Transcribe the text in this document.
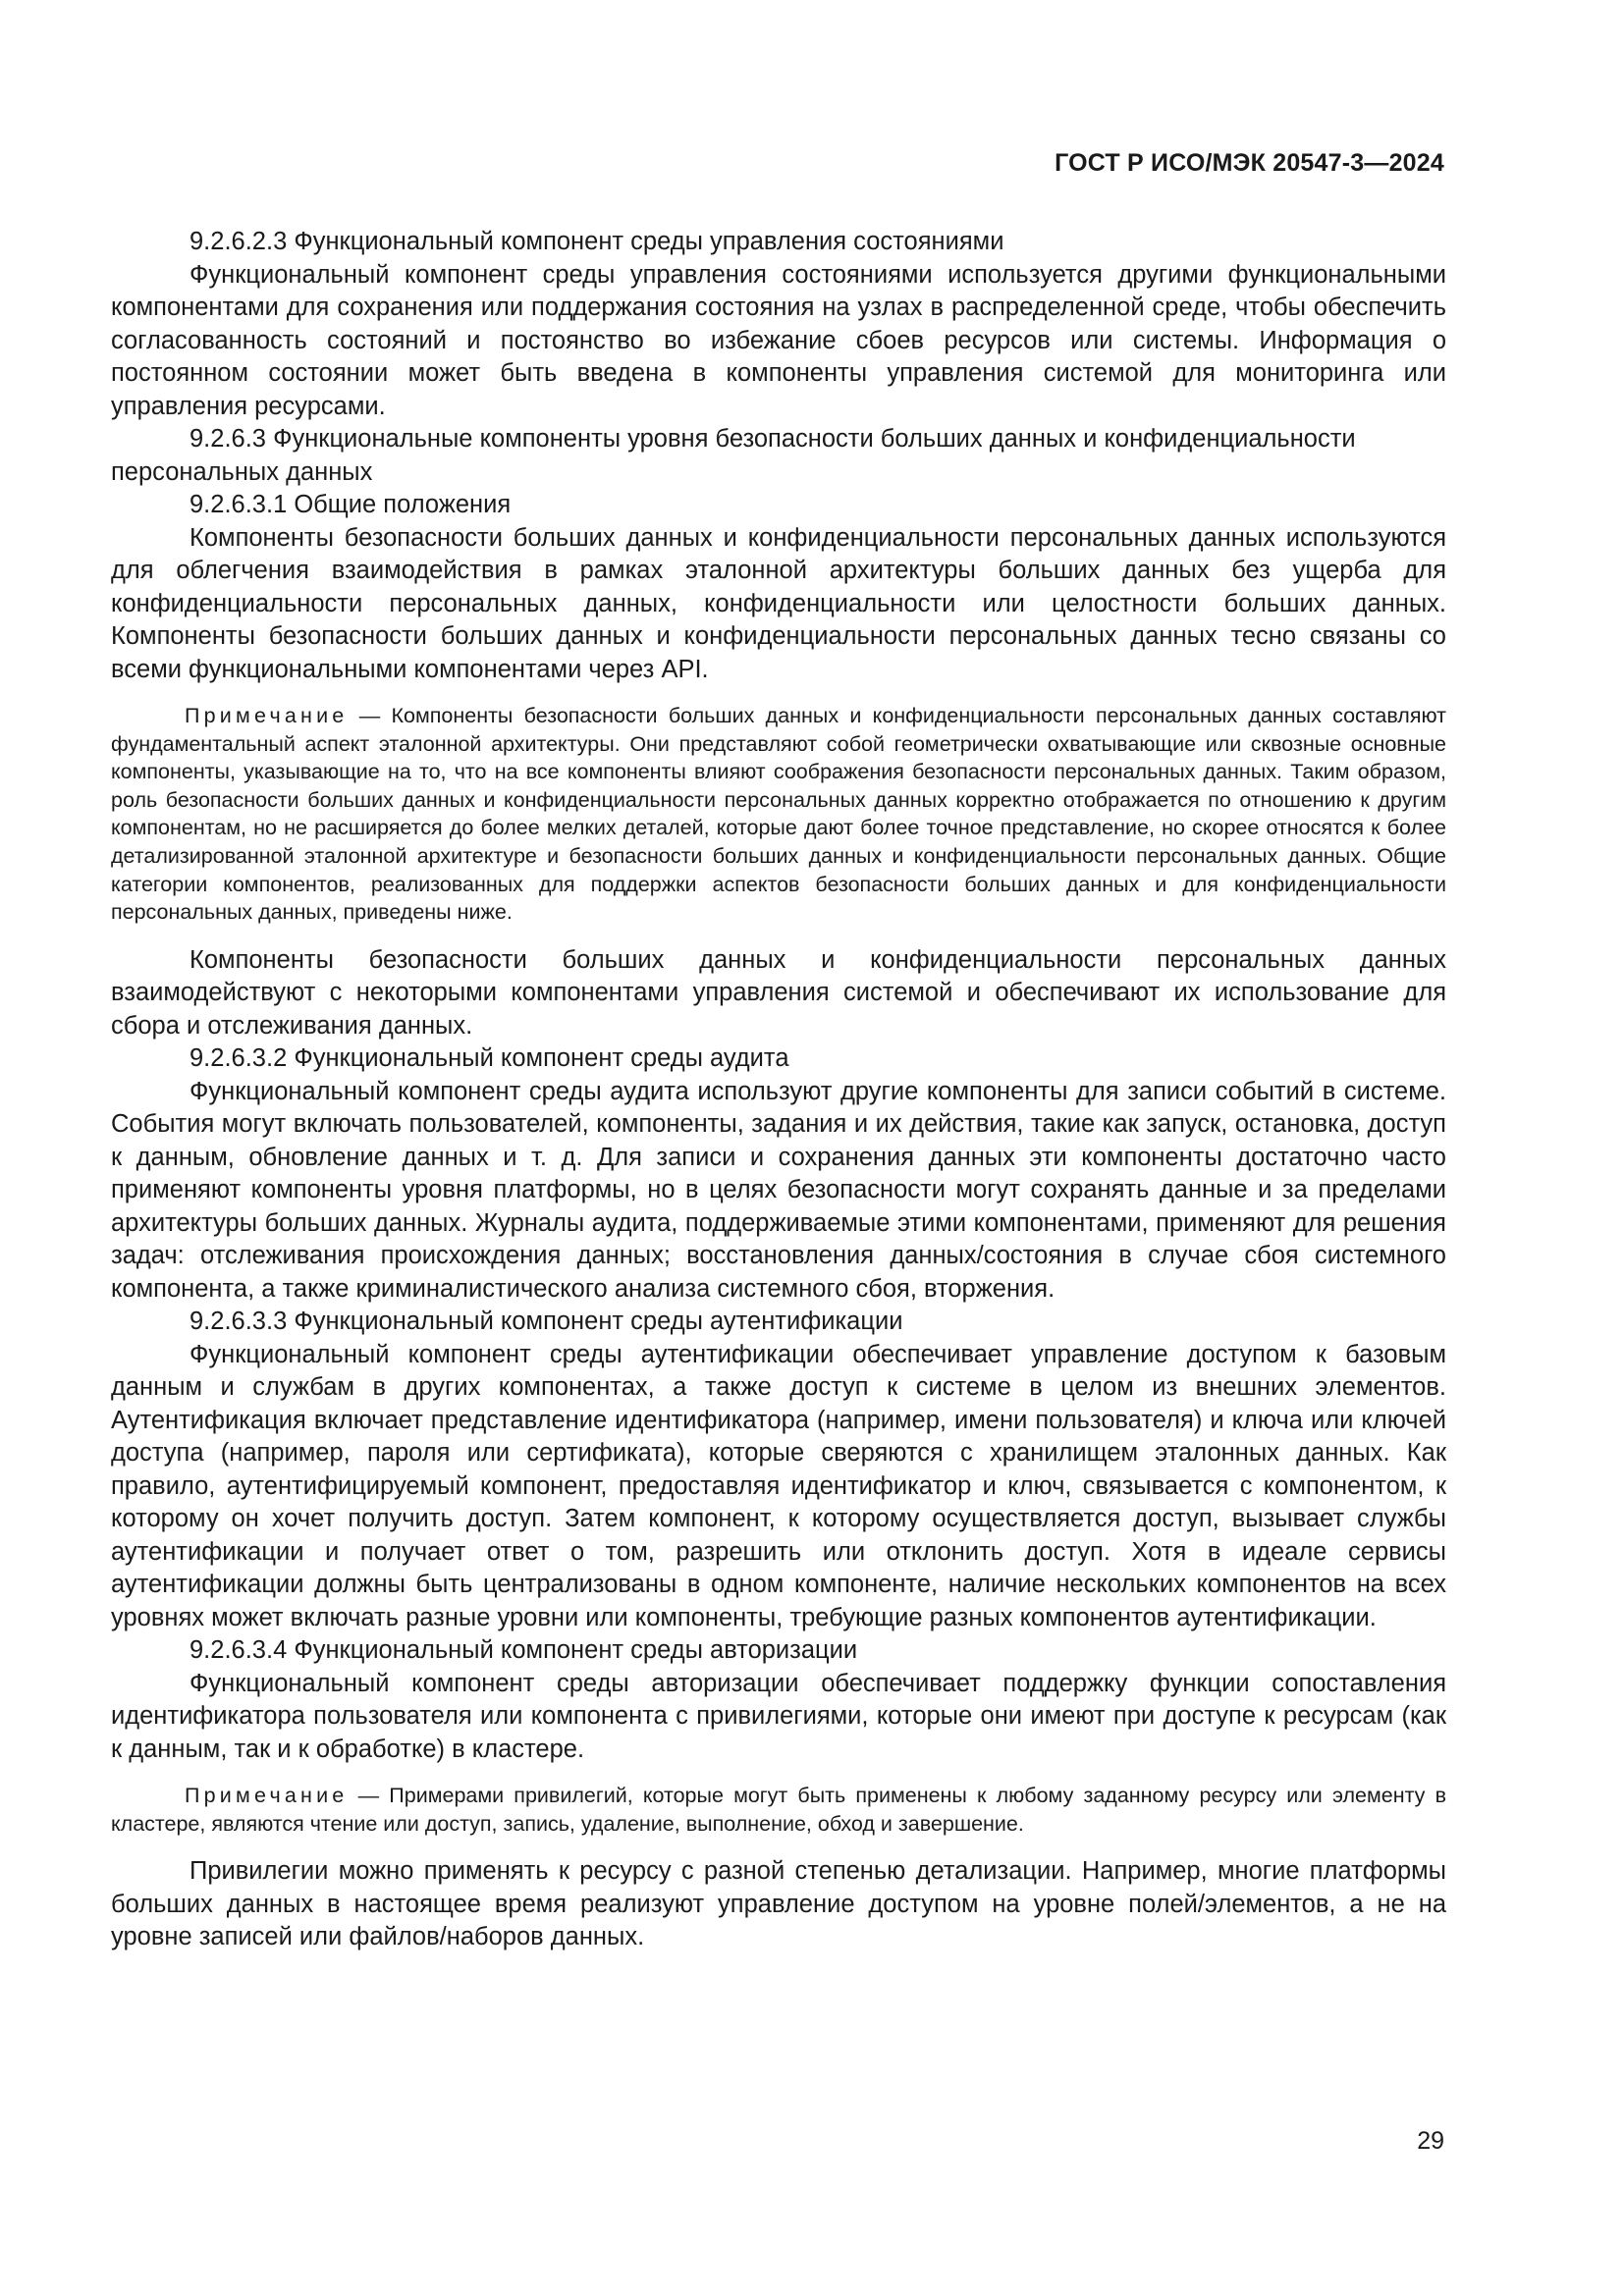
ГОСТ Р ИСО/МЭК 20547-3—2024

9.2.6.2.3 Функциональный компонент среды управления состояниями

Функциональный компонент среды управления состояниями используется другими функциональными компонентами для сохранения или поддержания состояния на узлах в распределенной среде, чтобы обеспечить согласованность состояний и постоянство во избежание сбоев ресурсов или системы. Информация о постоянном состоянии может быть введена в компоненты управления системой для мониторинга или управления ресурсами.

9.2.6.3 Функциональные компоненты уровня безопасности больших данных и конфиденциальности персональных данных

9.2.6.3.1 Общие положения

Компоненты безопасности больших данных и конфиденциальности персональных данных используются для облегчения взаимодействия в рамках эталонной архитектуры больших данных без ущерба для конфиденциальности персональных данных, конфиденциальности или целостности больших данных. Компоненты безопасности больших данных и конфиденциальности персональных данных тесно связаны со всеми функциональными компонентами через API.

Примечание — Компоненты безопасности больших данных и конфиденциальности персональных данных составляют фундаментальный аспект эталонной архитектуры. Они представляют собой геометрически охватывающие или сквозные основные компоненты, указывающие на то, что на все компоненты влияют соображения безопасности персональных данных. Таким образом, роль безопасности больших данных и конфиденциальности персональных данных корректно отображается по отношению к другим компонентам, но не расширяется до более мелких деталей, которые дают более точное представление, но скорее относятся к более детализированной эталонной архитектуре и безопасности больших данных и конфиденциальности персональных данных. Общие категории компонентов, реализованных для поддержки аспектов безопасности больших данных и для конфиденциальности персональных данных, приведены ниже.

Компоненты безопасности больших данных и конфиденциальности персональных данных взаимодействуют с некоторыми компонентами управления системой и обеспечивают их использование для сбора и отслеживания данных.

9.2.6.3.2 Функциональный компонент среды аудита

Функциональный компонент среды аудита используют другие компоненты для записи событий в системе. События могут включать пользователей, компоненты, задания и их действия, такие как запуск, остановка, доступ к данным, обновление данных и т. д. Для записи и сохранения данных эти компоненты достаточно часто применяют компоненты уровня платформы, но в целях безопасности могут сохранять данные и за пределами архитектуры больших данных. Журналы аудита, поддерживаемые этими компонентами, применяют для решения задач: отслеживания происхождения данных; восстановления данных/состояния в случае сбоя системного компонента, а также криминалистического анализа системного сбоя, вторжения.

9.2.6.3.3 Функциональный компонент среды аутентификации

Функциональный компонент среды аутентификации обеспечивает управление доступом к базовым данным и службам в других компонентах, а также доступ к системе в целом из внешних элементов. Аутентификация включает представление идентификатора (например, имени пользователя) и ключа или ключей доступа (например, пароля или сертификата), которые сверяются с хранилищем эталонных данных. Как правило, аутентифицируемый компонент, предоставляя идентификатор и ключ, связывается с компонентом, к которому он хочет получить доступ. Затем компонент, к которому осуществляется доступ, вызывает службы аутентификации и получает ответ о том, разрешить или отклонить доступ. Хотя в идеале сервисы аутентификации должны быть централизованы в одном компоненте, наличие нескольких компонентов на всех уровнях может включать разные уровни или компоненты, требующие разных компонентов аутентификации.

9.2.6.3.4 Функциональный компонент среды авторизации

Функциональный компонент среды авторизации обеспечивает поддержку функции сопоставления идентификатора пользователя или компонента с привилегиями, которые они имеют при доступе к ресурсам (как к данным, так и к обработке) в кластере.

Примечание — Примерами привилегий, которые могут быть применены к любому заданному ресурсу или элементу в кластере, являются чтение или доступ, запись, удаление, выполнение, обход и завершение.

Привилегии можно применять к ресурсу с разной степенью детализации. Например, многие платформы больших данных в настоящее время реализуют управление доступом на уровне полей/элементов, а не на уровне записей или файлов/наборов данных.

29
